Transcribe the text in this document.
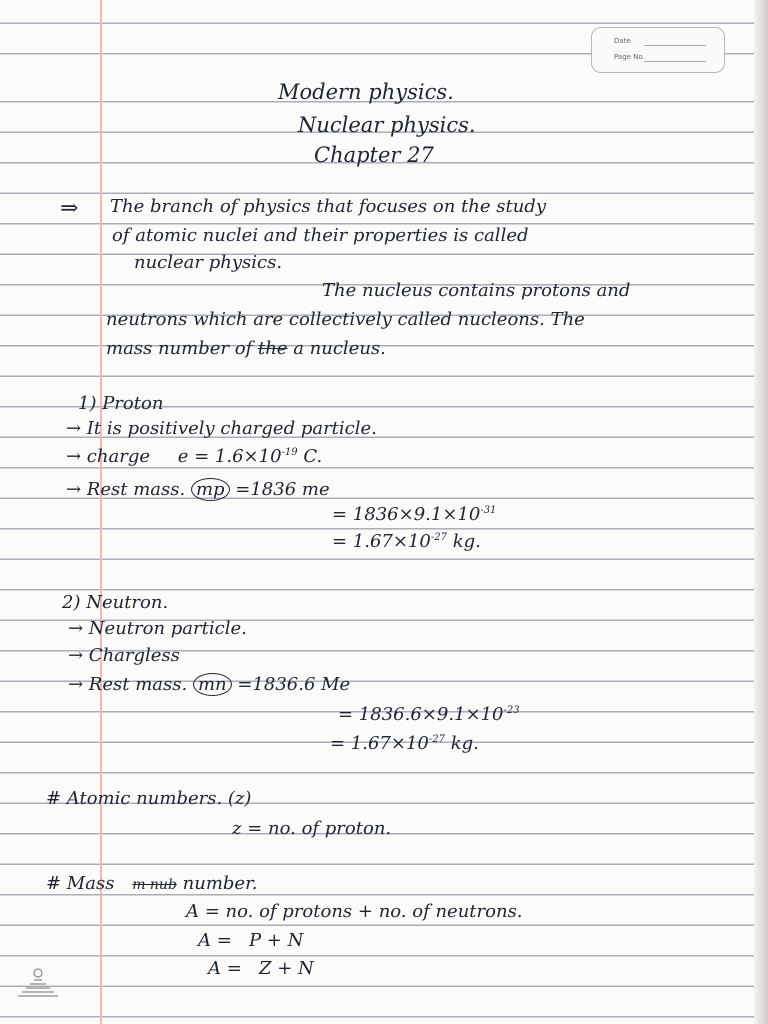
Date
Page No.
Modern physics.
Nuclear physics.
Chapter 27
⇒ The branch of physics that focuses on the study
of atomic nuclei and their properties is called
nuclear physics.
The nucleus contains protons and
neutrons which are collectively called nucleons. The
mass number of the a nucleus.
1) Proton
→ It is positively charged particle.
→ charge $e = 1.6\times 10^{-19}$ C.
→ Rest mass. mp =1836 me
= $1836\times 9.1\times 10^{-31}$
= $1.67\times 10^{-27}$ kg.
2) Neutron.
→ Neutron particle.
→ Chargless
→ Rest mass. mn =1836.6 Me
= $1836.6\times 9.1\times 10^{-23}$
= $1.67\times 10^{-27}$ kg.
# Atomic numbers. (z)
z = no. of proton.
# Mass m nub number.
A = no. of protons + no. of neutrons.
A =   P + N
A =   Z + N
